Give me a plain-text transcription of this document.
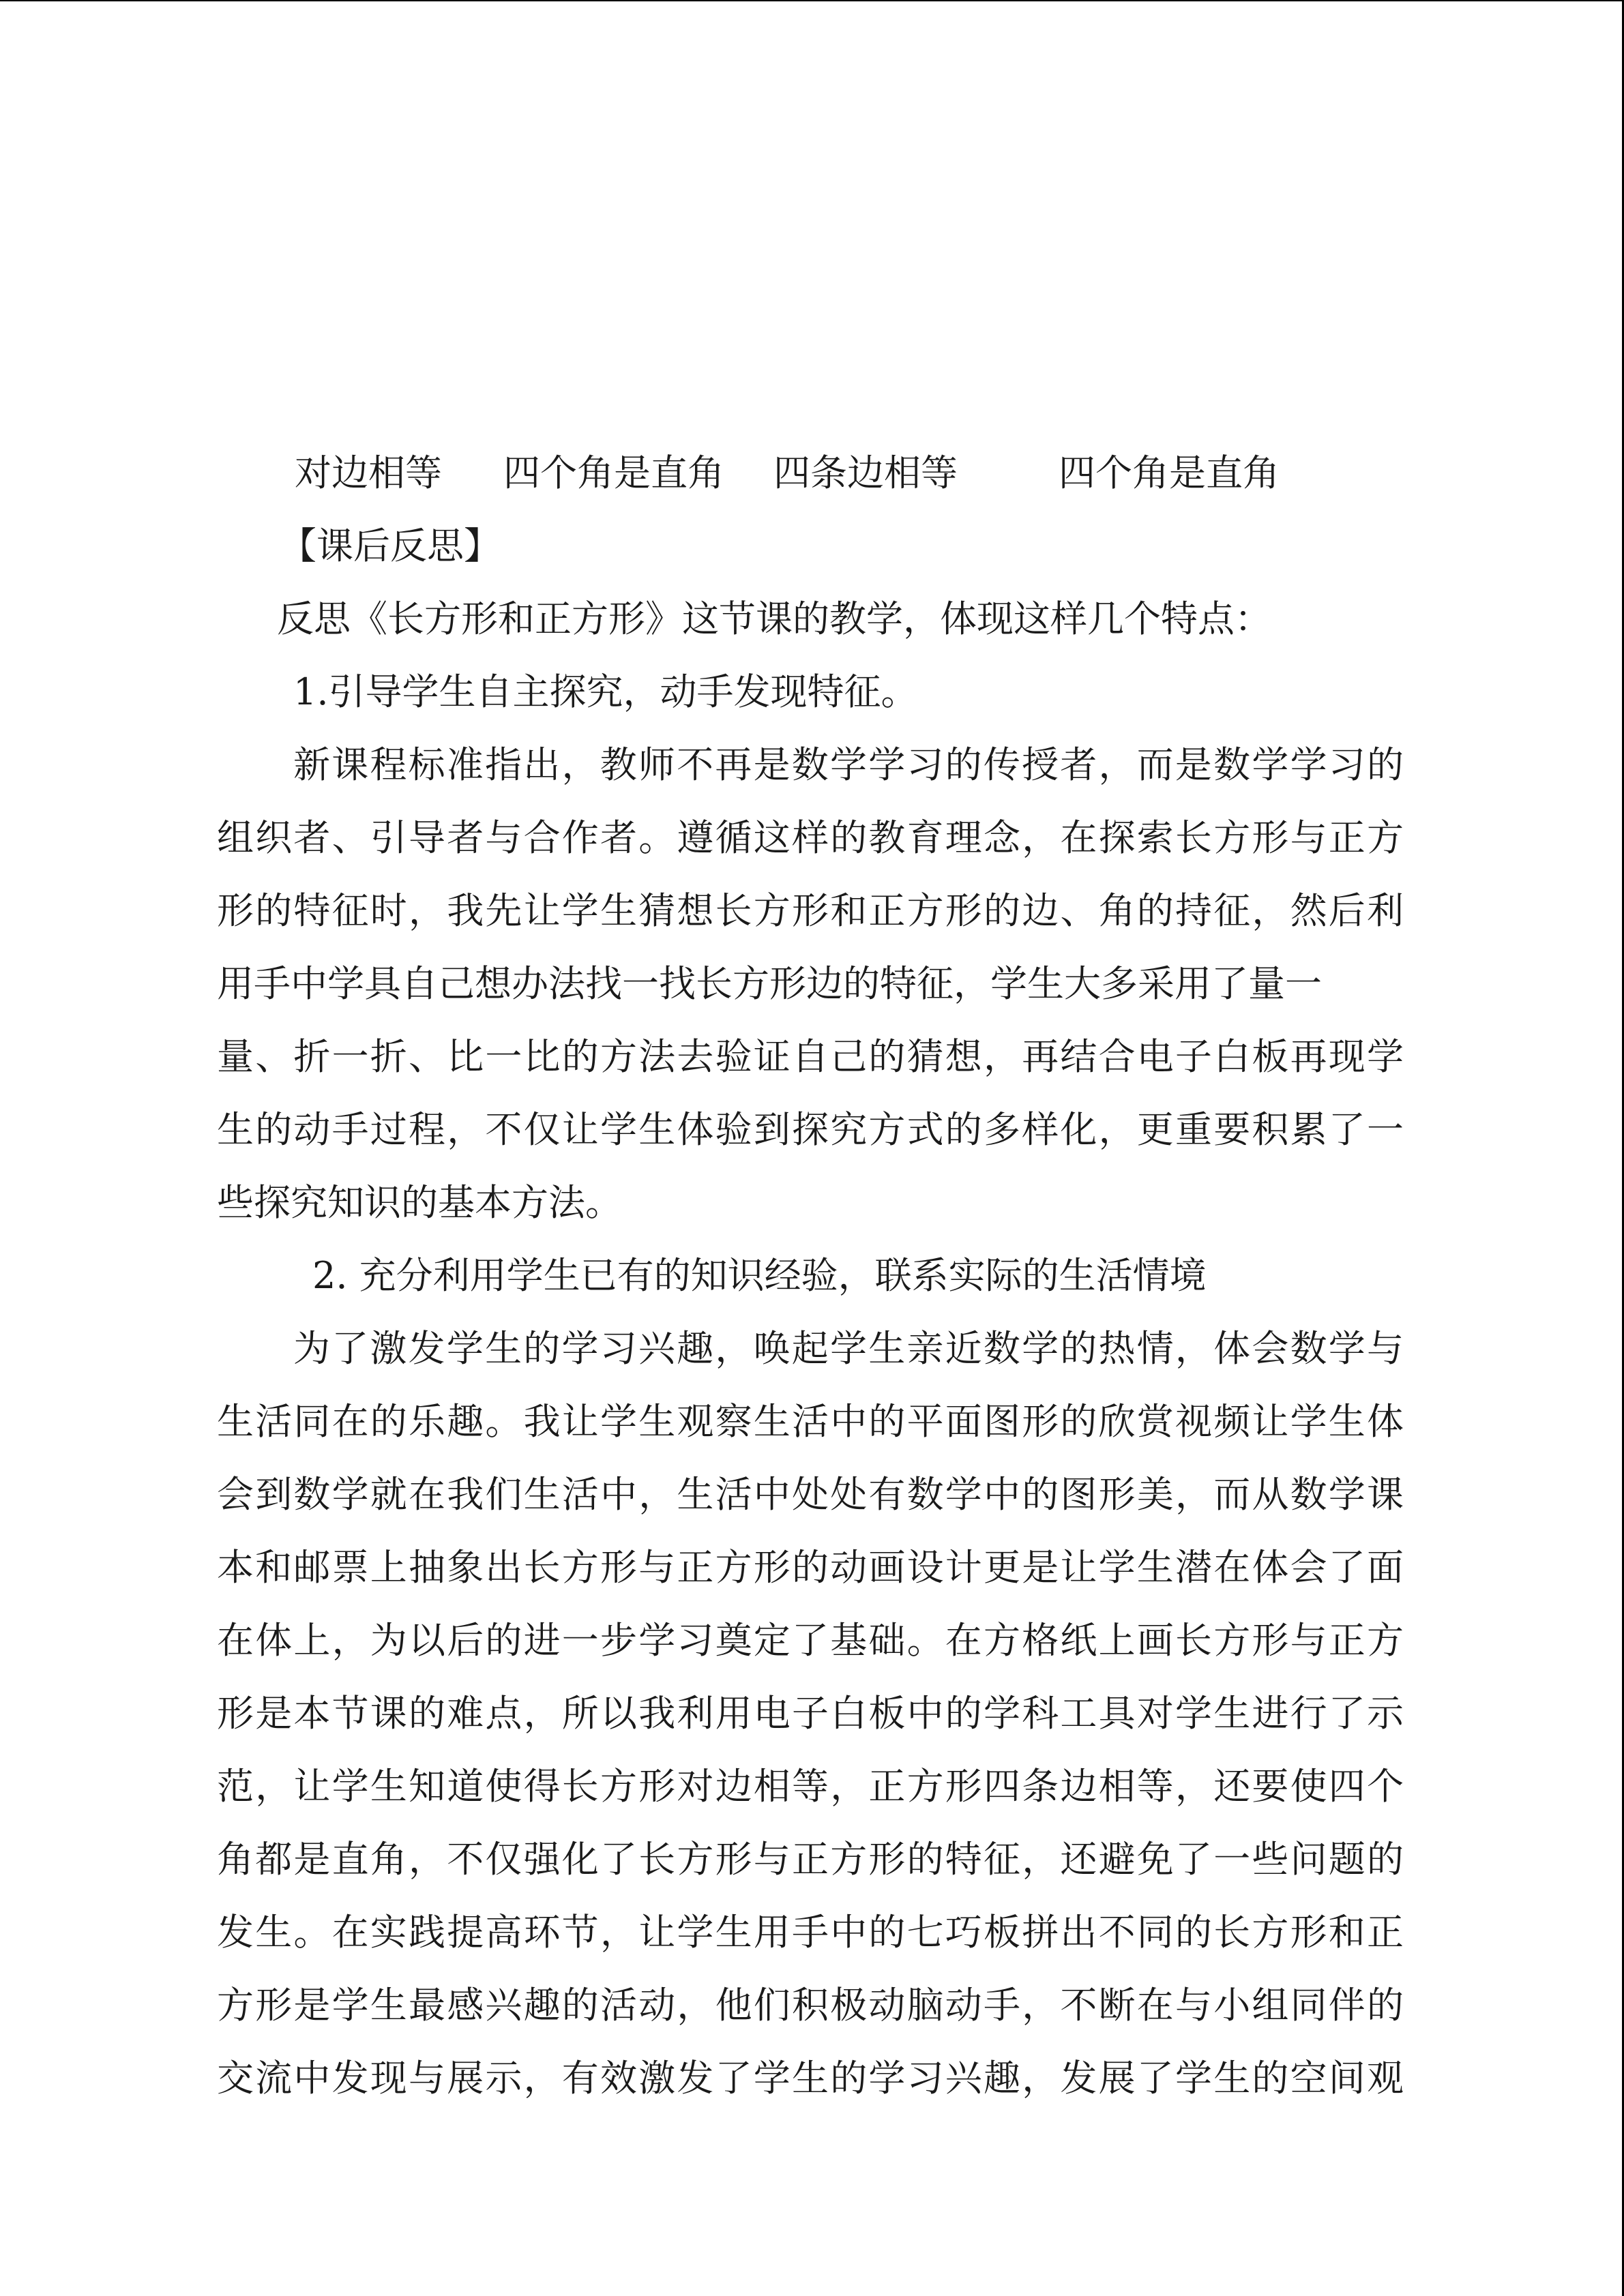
对边相等 四个角是直角 四条边相等	四个角是直角
【课后反思】
反思《长方形和正方形》这节课的教学，体现这样几个特点：
1.引导学生自主探究，动手发现特征。
新课程标准指出，教师不再是数学学习的传授者，而是数学学习的
组织者、引导者与合作者。遵循这样的教育理念，在探索长方形与正方
形的特征时，我先让学生猜想长方形和正方形的边、角的持征，然后利
用手中学具自己想办法找一找长方形边的特征，学生大多采用了量一
量、折一折、比一比的方法去验证自己的猜想，再结合电子白板再现学
生的动手过程，不仅让学生体验到探究方式的多样化，更重要积累了一
些探究知识的基本方法。
2. 充分利用学生已有的知识经验，联系实际的生活情境
为了激发学生的学习兴趣，唤起学生亲近数学的热情，体会数学与
生活同在的乐趣。我让学生观察生活中的平面图形的欣赏视频让学生体
会到数学就在我们生活中，生活中处处有数学中的图形美，而从数学课
本和邮票上抽象出长方形与正方形的动画设计更是让学生潜在体会了面
在体上，为以后的进一步学习奠定了基础。在方格纸上画长方形与正方
形是本节课的难点，所以我利用电子白板中的学科工具对学生进行了示
范，让学生知道使得长方形对边相等，正方形四条边相等，还要使四个
角都是直角，不仅强化了长方形与正方形的特征，还避免了一些问题的
发生。在实践提高环节，让学生用手中的七巧板拼出不同的长方形和正
方形是学生最感兴趣的活动，他们积极动脑动手，不断在与小组同伴的
交流中发现与展示，有效激发了学生的学习兴趣，发展了学生的空间观
